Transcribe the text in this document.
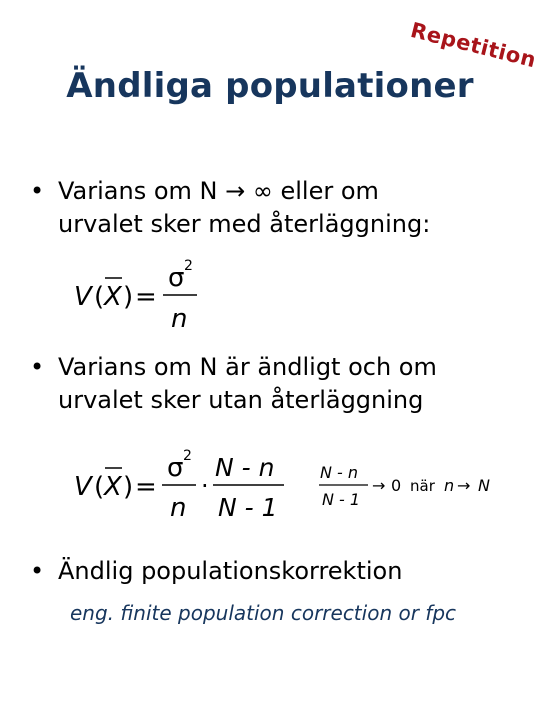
Repetition
Ändliga populationer
• Varians om N → ∞ eller om
urvalet sker med återläggning:
V ( X ) =
σ 2
n
• Varians om N är ändligt och om
urvalet sker utan återläggning
V ( X ) =
σ 2
n
·
N - n
N - 1
N - n
N - 1
→ 0 när n → N
• Ändlig populationskorrektion
eng. finite population correction or fpc
